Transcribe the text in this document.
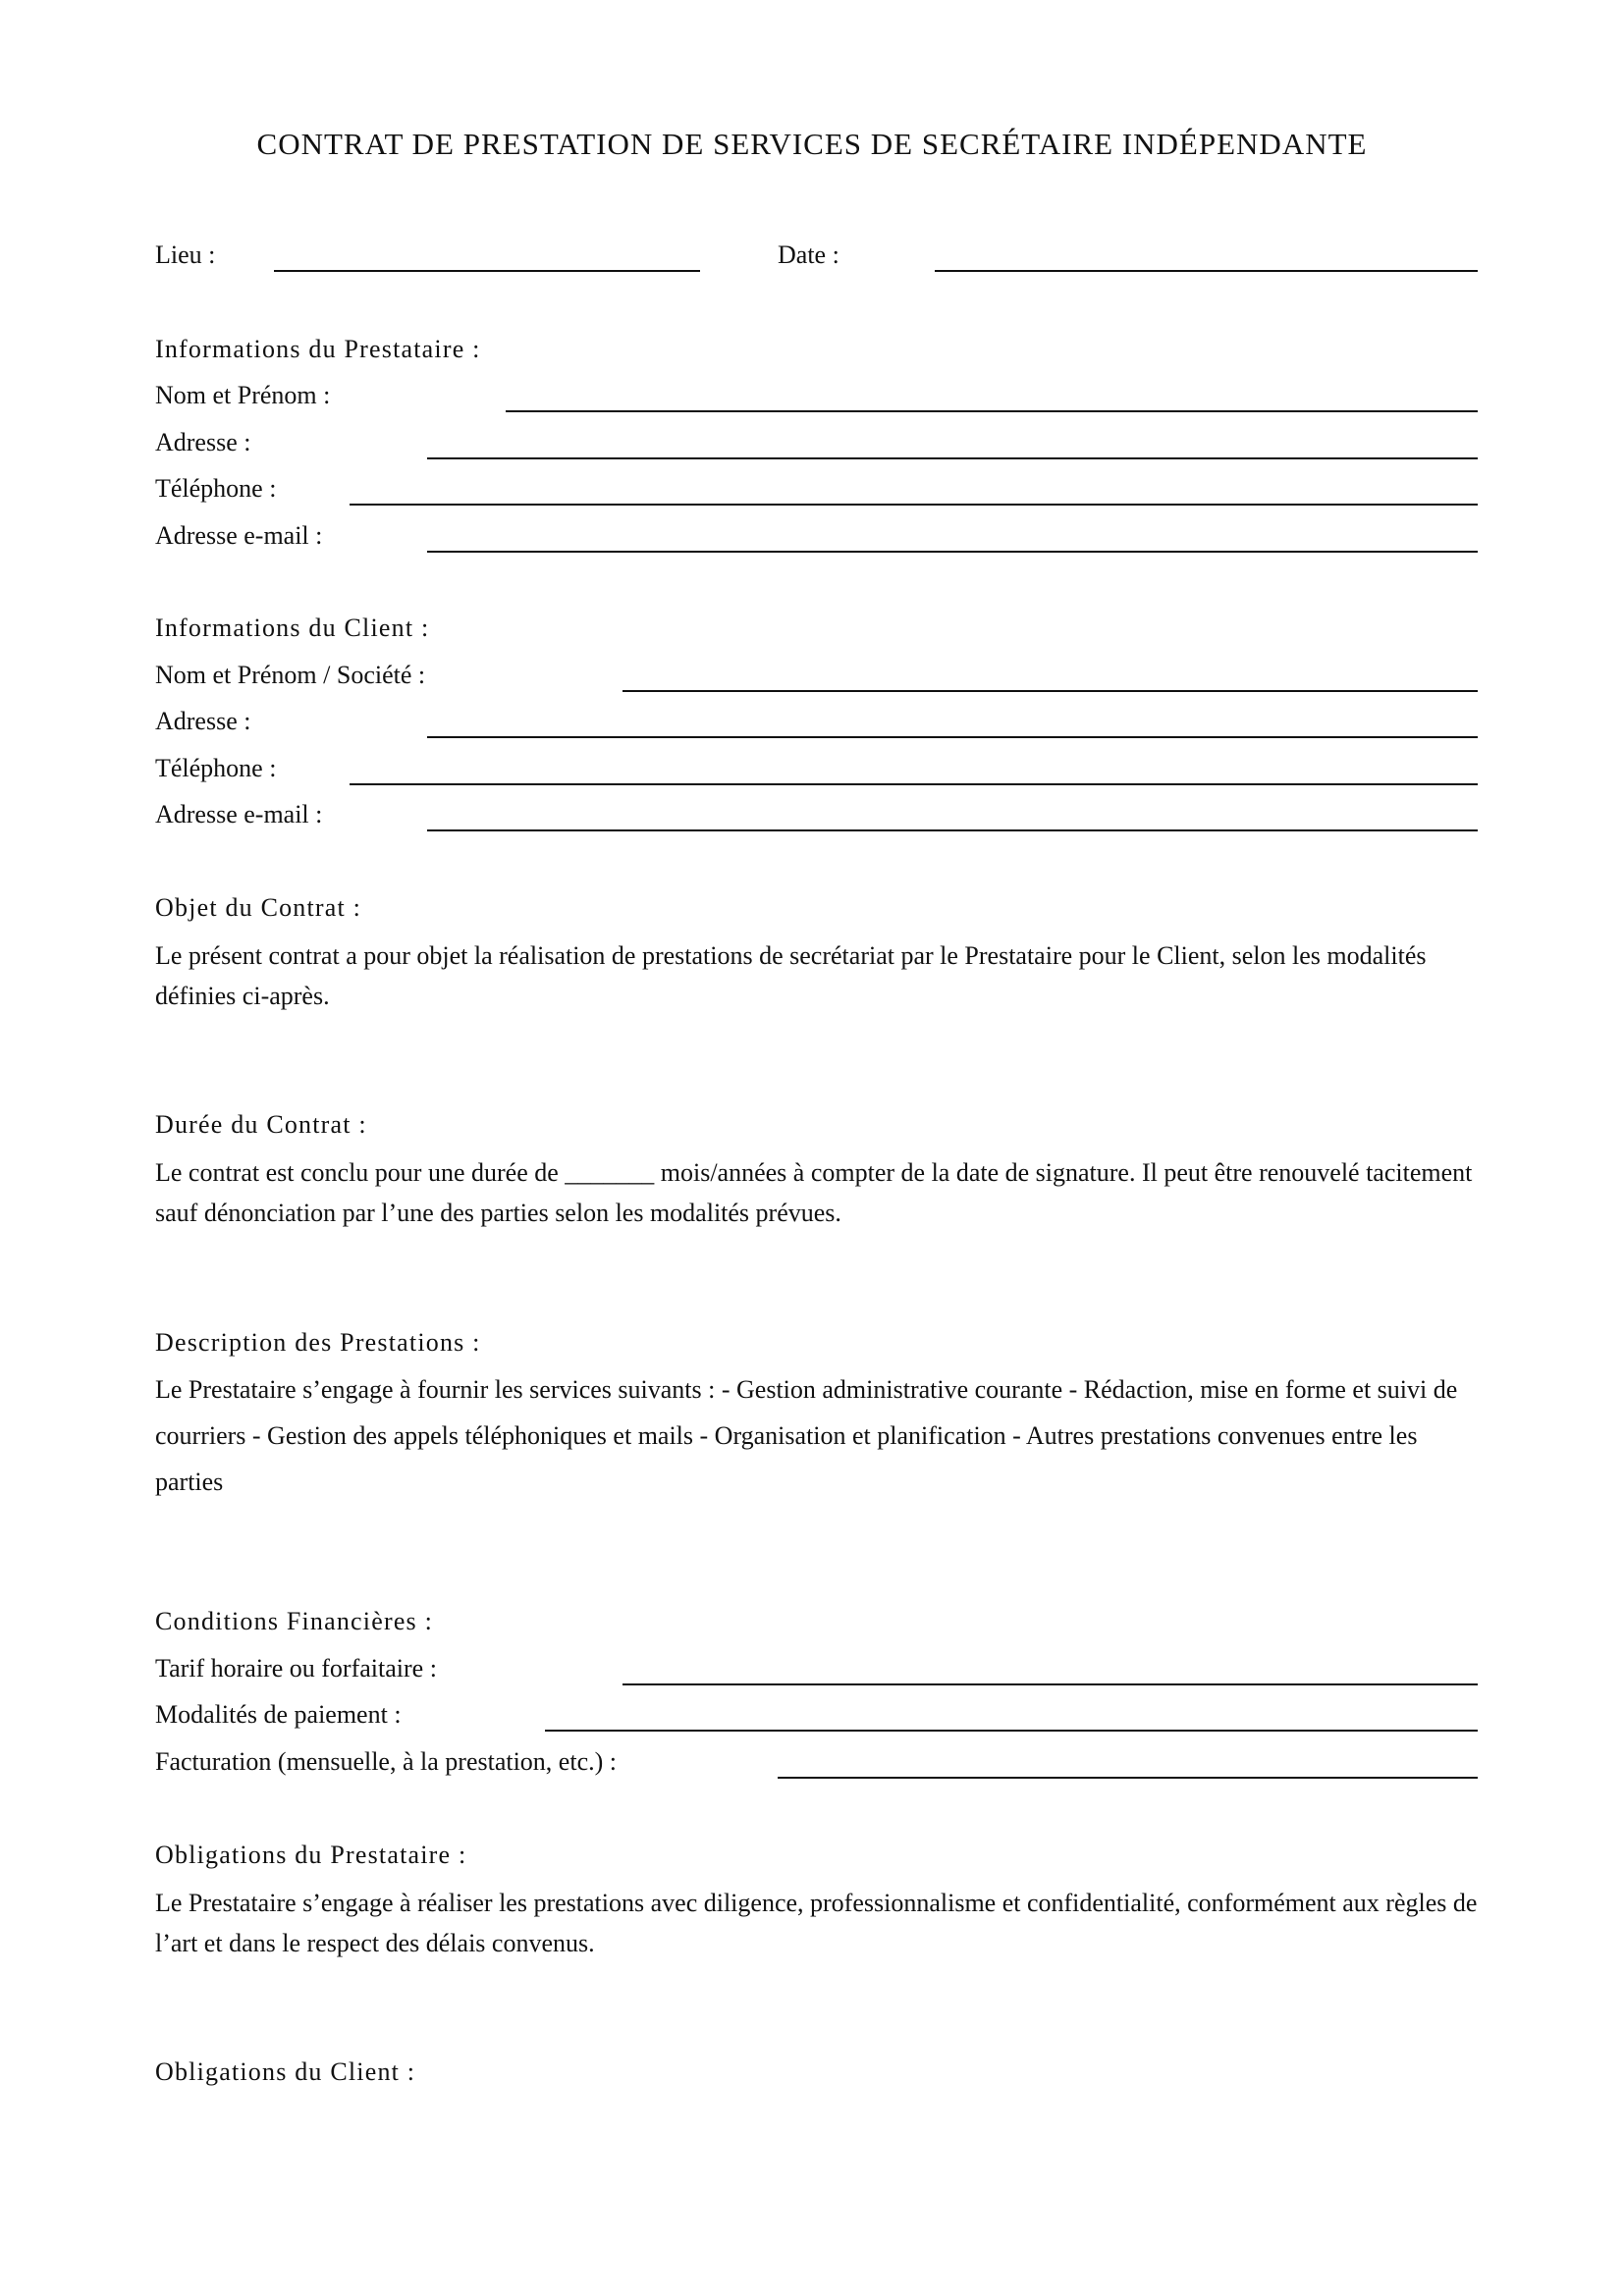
CONTRAT DE PRESTATION DE SERVICES DE SECRÉTAIRE INDÉPENDANTE
Lieu :	Date :
Informations du Prestataire :
Nom et Prénom :
Adresse :
Téléphone :
Adresse e-mail :
Informations du Client :
Nom et Prénom / Société :
Adresse :
Téléphone :
Adresse e-mail :
Objet du Contrat :
Le présent contrat a pour objet la réalisation de prestations de secrétariat par le Prestataire pour le Client, selon les modalités définies ci-après.
Durée du Contrat :
Le contrat est conclu pour une durée de _______ mois/années à compter de la date de signature. Il peut être renouvelé tacitement sauf dénonciation par l’une des parties selon les modalités prévues.
Description des Prestations :
Le Prestataire s’engage à fournir les services suivants : - Gestion administrative courante - Rédaction, mise en forme et suivi de courriers - Gestion des appels téléphoniques et mails - Organisation et planification - Autres prestations convenues entre les parties
Conditions Financières :
Tarif horaire ou forfaitaire :
Modalités de paiement :
Facturation (mensuelle, à la prestation, etc.) :
Obligations du Prestataire :
Le Prestataire s’engage à réaliser les prestations avec diligence, professionnalisme et confidentialité, conformément aux règles de l’art et dans le respect des délais convenus.
Obligations du Client :
